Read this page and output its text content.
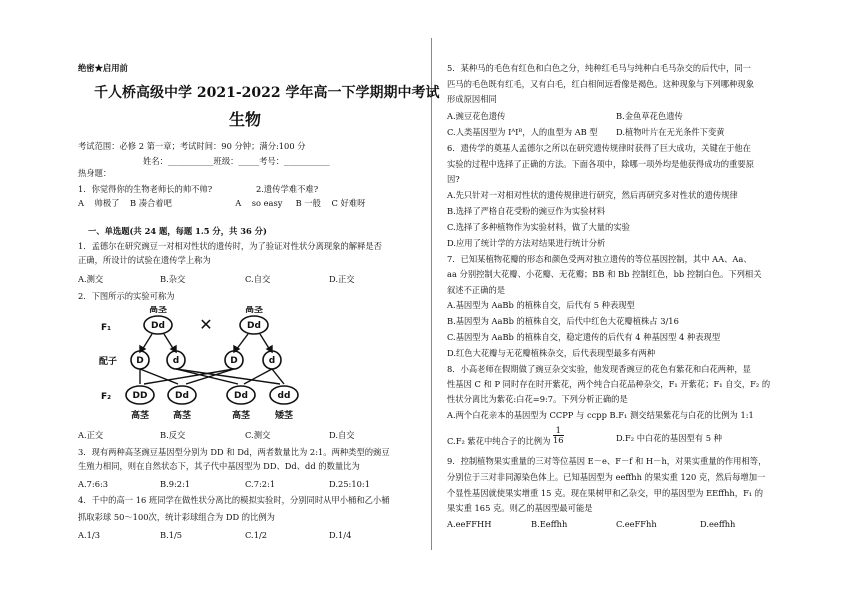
绝密★启用前
千人桥高级中学 2021-2022 学年高一下学期期中考试
生物
考试范围：必修 2 第一章；考试时间：90 分钟；满分:100 分
姓名：___________班级：_____考号：___________
热身题：
1．你觉得你的生物老师长的帅不帅?	2.遗传学难不难?
A    帅极了    B 凑合着吧                        A    so easy     B 一般    C 好难呀
一、单选题(共 24 题，每题 1.5 分，共 36 分)
1．孟德尔在研究豌豆一对相对性状的遗传时，为了验证对性状分离现象的解释是否
正确，所设计的试验在遗传学上称为
A.测交	B.杂交	C.自交	D.正交
2．下图所示的实验可称为
高茎	高茎
Dd	Dd
✕
D	d	D	d
DD	Dd	Dd	dd
高茎	高茎	高茎	矮茎
F₁
配子
F₂
A.正交	B.反交	C.测交	D.自交
3．现有两种高茎豌豆基因型分别为 DD 和 Dd，两者数量比为 2:1。两种类型的豌豆
生殖力相同，则在自然状态下，其子代中基因型为 DD、Dd、dd 的数量比为
A.7:6:3	B.9:2:1	C.7:2:1	D.25:10:1
4．千中的高一 16 班同学在做性状分离比的模拟实验时，分别同时从甲小桶和乙小桶
抓取彩球 50～100次，统计彩球组合为 DD 的比例为
A.1/3	B.1/5	C.1/2	D.1/4
5．某种马的毛色有红色和白色之分，纯种红毛马与纯种白毛马杂交的后代中，同一
匹马的毛色既有红毛，又有白毛，红白相间远看像是褐色。这种现象与下列哪种现象
形成原因相同
A.豌豆花色遗传	B.金鱼草花色遗传
C.人类基因型为 IᴬIᴮ，人的血型为 AB 型 D.植物叶片在无光条件下变黄
6．遗传学的奠基人孟德尔之所以在研究遗传规律时获得了巨大成功，关键在于他在
实验的过程中选择了正确的方法。下面各项中，除哪一项外均是他获得成功的重要原
因?
A.先只针对一对相对性状的遗传规律进行研究，然后再研究多对性状的遗传规律
B.选择了严格自花受粉的豌豆作为实验材料
C.选择了多种植物作为实验材料，做了大量的实验
D.应用了统计学的方法对结果进行统计分析
7．已知某植物花瓣的形态和颜色受两对独立遗传的等位基因控制，其中 AA、Aa、
aa 分别控制大花瓣、小花瓣、无花瓣；BB 和 Bb 控制红色，bb 控制白色。下列相关
叙述不正确的是
A.基因型为 AaBb 的植株自交，后代有 5 种表现型
B.基因型为 AaBb 的植株自交，后代中红色大花瓣植株占 3/16
C.基因型为 AaBb 的植株自交，稳定遗传的后代有 4 种基因型 4 种表现型
D.红色大花瓣与无花瓣植株杂交，后代表现型最多有两种
8．小高老师在假期做了豌豆杂交实验，他发现香豌豆的花色有紫花和白花两种，显
性基因 C 和 P 同时存在时开紫花，两个纯合白花品种杂交，F₁ 开紫花；F₁ 自交，F₂ 的
性状分离比为紫花:白花=9:7。下列分析正确的是
A.两个白花亲本的基因型为 CCPP 与 ccpp B.F₁ 测交结果紫花与白花的比例为 1:1
C.F₂ 紫花中纯合子的比例为 $\frac{1}{16}$	D.F₂ 中白花的基因型有 5 种
9．控制植物果实重量的三对等位基因 E－e、F－f 和 H－h，对果实重量的作用相等，
分别位于三对非同源染色体上。已知基因型为 eeffhh 的果实重 120 克，然后每增加一
个显性基因就使果实增重 15 克。现在果树甲和乙杂交，甲的基因型为 EEffhh，F₁ 的
果实重 165 克。则乙的基因型最可能是
A.eeFFHH	B.Eeffhh	C.eeFFhh	D.eeffhh
